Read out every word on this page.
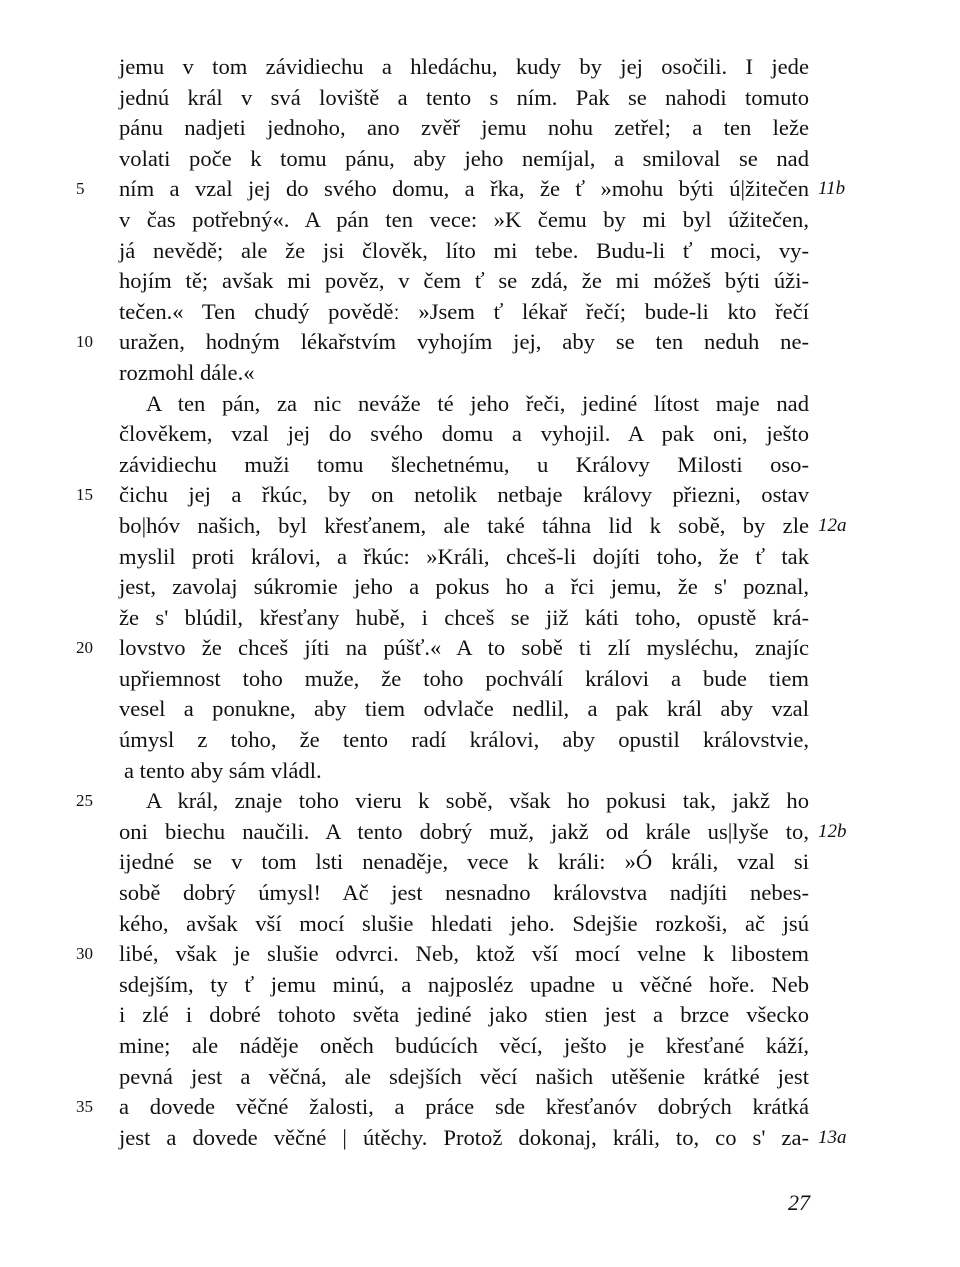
jemu v tom závidiechu a hledáchu, kudy by jej osočili. I jede
jednú král v svá loviště a tento s ním. Pak se nahodi tomuto
pánu nadjeti jednoho, ano zvěř jemu nohu zetřel; a ten leže
volati poče k tomu pánu, aby jeho nemíjal, a smiloval se nad
5	ním a vzal jej do svého domu, a řka, že ť »mohu býti ú|žitečen 11b
v čas potřebný«. A pán ten vece: »K čemu by mi byl úžitečen,
já nevědě; ale že jsi člověk, líto mi tebe. Budu-li ť moci, vy-
hojím tě; avšak mi pověz, v čem ť se zdá, že mi móžeš býti úži-
tečen.« Ten chudý pověděː »Jsem ť lékař řečí; bude-li kto řečí
10	uražen, hodným lékařstvím vyhojím jej, aby se ten neduh ne-
rozmohl dále.«
A ten pán, za nic neváže té jeho řeči, jediné lítost maje nad
člověkem, vzal jej do svého domu a vyhojil. A pak oni, ješto
závidiechu muži tomu šlechetnému, u Královy Milosti oso-
15	čichu jej a řkúc, by on netolik netbaje královy přiezni, ostav
bo|hóv našich, byl křesťanem, ale také táhna lid k sobě, by zle 12a
myslil proti královi, a řkúc: »Králi, chceš-li dojíti toho, že ť tak
jest, zavolaj súkromie jeho a pokus ho a řci jemu, že s' poznal,
že s' blúdil, křesťany hubě, i chceš se již káti toho, opustě krá-
20	lovstvo že chceš jíti na púšť.« A to sobě ti zlí mysléchu, znajíc
upřiemnost toho muže, že toho pochválí královi a bude tiem
vesel a ponukne, aby tiem odvlače nedlil, a pak král aby vzal
úmysl z toho, že tento radí královi, aby opustil královstvie,
a tento aby sám vládl.
25	A král, znaje toho vieru k sobě, však ho pokusi tak, jakž ho
oni biechu naučili. A tento dobrý muž, jakž od krále us|lyše to, 12b
ijedné se v tom lsti nenaděje, vece k králi: »Ó králi, vzal si
sobě dobrý úmysl! Ač jest nesnadno královstva nadjíti nebes-
kého, avšak vší mocí slušie hledati jeho. Sdejšie rozkoši, ač jsú
30	libé, však je slušie odvrci. Neb, ktož vší mocí velne k libostem
sdejším, ty ť jemu minú, a najposléz upadne u věčné hoře. Neb
i zlé i dobré tohoto světa jediné jako stien jest a brzce všecko
mine; ale náděje oněch budúcích věcí, ješto je křesťané káží,
pevná jest a věčná, ale sdejších věcí našich utěšenie krátké jest
35	a dovede věčné žalosti, a práce sde křesťanóv dobrých krátká
jest a dovede věčné | útěchy. Protož dokonaj, králi, to, co s' za- 13a
27
